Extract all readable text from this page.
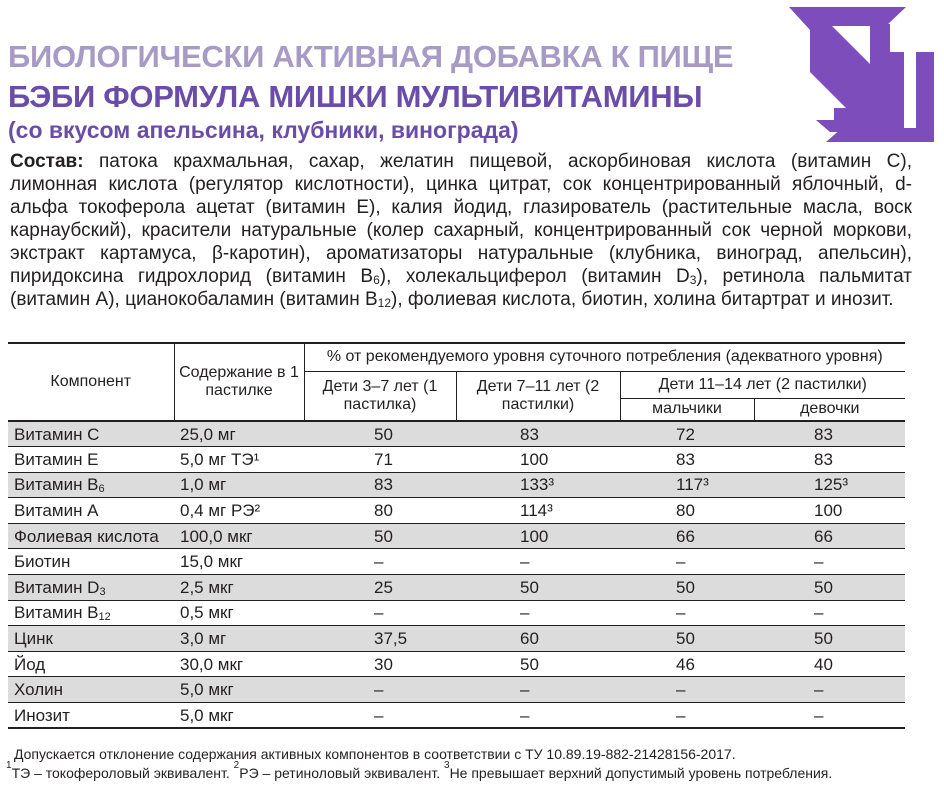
БИОЛОГИЧЕСКИ АКТИВНАЯ ДОБАВКА К ПИЩЕ
БЭБИ ФОРМУЛА МИШКИ МУЛЬТИВИТАМИНЫ
(со вкусом апельсина, клубники, винограда)
Состав: патока крахмальная, сахар, желатин пищевой, аскорбиновая кислота (витамин С), лимонная кислота (регулятор кислотности), цинка цитрат, сок концентрированный яблочный, d-альфа токоферола ацетат (витамин Е), калия йодид, глазирователь (растительные масла, воск карнаубский), красители натуральные (колер сахарный, концентрированный сок черной моркови, экстракт картамуса, β-каротин), ароматизаторы натуральные (клубника, виноград, апельсин), пиридоксина гидрохлорид (витамин $В_6$), холекальциферол (витамин $D_3$), ретинола пальмитат (витамин А), цианокобаламин (витамин $В_{12}$), фолиевая кислота, биотин, холина битартрат и инозит.
Компонент	Содержание в 1 пастилке	% от рекомендуемого уровня суточного потребления (адекватного уровня)			
		Дети 3–7 лет (1 пастилка)	Дети 7–11 лет (2 пастилки)	Дети 11–14 лет (2 пастилки)	
				мальчики	девочки
Витамин С	25,0 мг	50	83	72	83
Витамин Е	5,0 мг ТЭ¹	71	100	83	83
Витамин $В_6$	1,0 мг	83	133³	117³	125³
Витамин А	0,4 мг РЭ²	80	114³	80	100
Фолиевая кислота	100,0 мкг	50	100	66	66
Биотин	15,0 мкг	–	–	–	–
Витамин $D_3$	2,5 мкг	25	50	50	50
Витамин $В_{12}$	0,5 мкг	–	–	–	–
Цинк	3,0 мг	37,5	60	50	50
Йод	30,0 мкг	30	50	46	40
Холин	5,0 мкг	–	–	–	–
Инозит	5,0 мкг	–	–	–	–
Допускается отклонение содержания активных компонентов в соответствии с ТУ 10.89.19-882-21428156-2017.
$^1$ТЭ – токофероловый эквивалент. $^2$РЭ – ретиноловый эквивалент. $^3$Не превышает верхний допустимый уровень потребления.
